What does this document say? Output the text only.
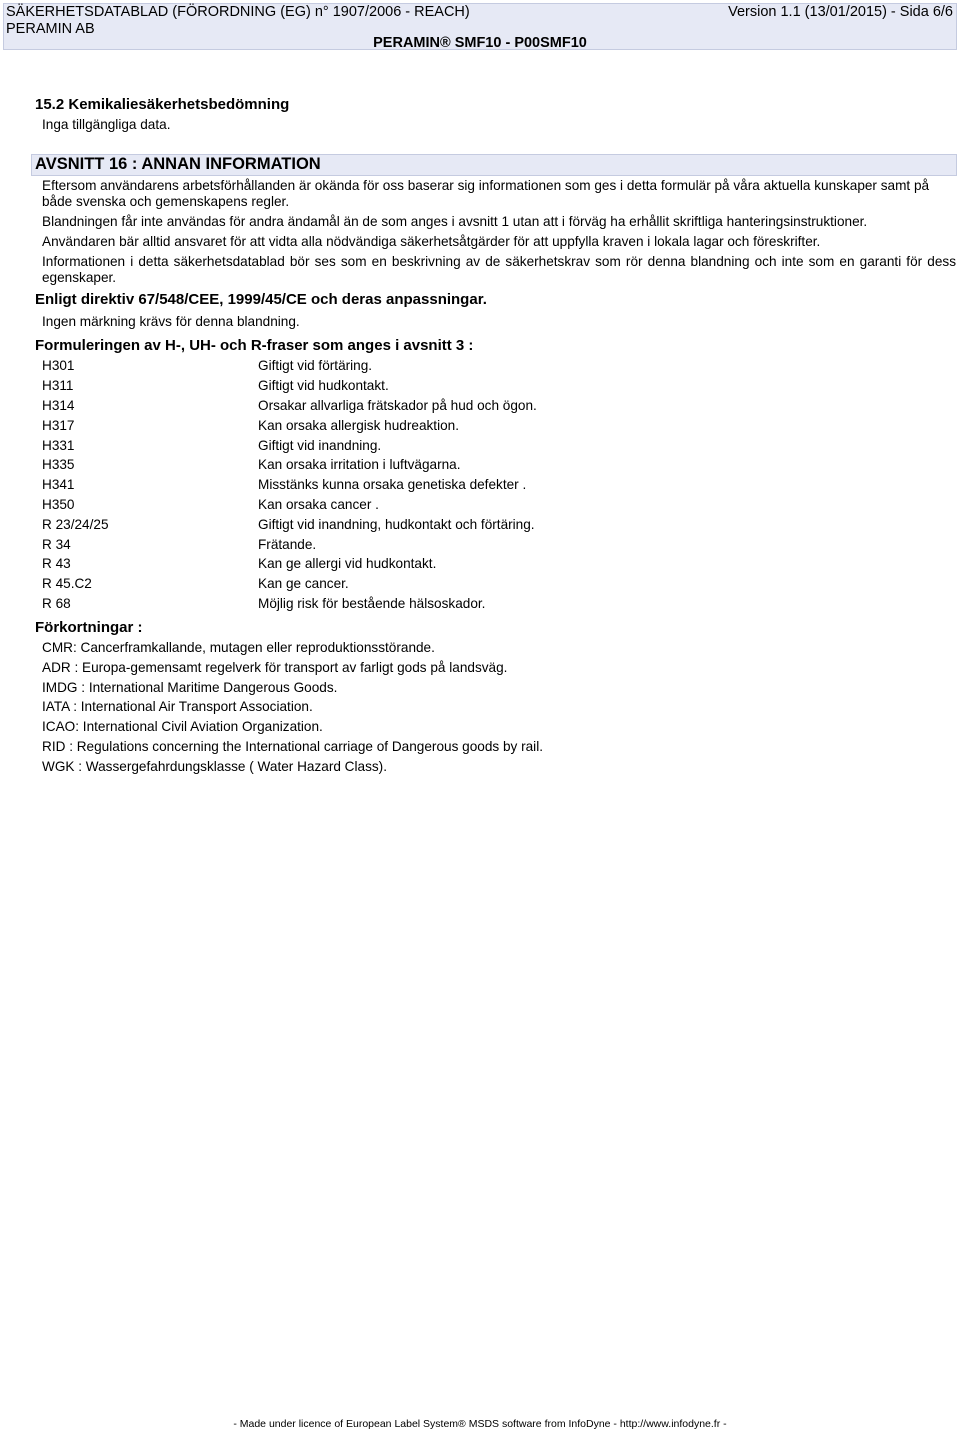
SÄKERHETSDATABLAD (FÖRORDNING (EG) n° 1907/2006 - REACH)
PERAMIN AB
Version 1.1 (13/01/2015) - Sida 6/6
PERAMIN® SMF10 - P00SMF10
15.2 Kemikaliesäkerhetsbedömning
Inga tillgängliga data.
AVSNITT 16 : ANNAN INFORMATION
Eftersom användarens arbetsförhållanden är okända för oss baserar sig informationen som ges i detta formulär på våra aktuella kunskaper samt på både svenska och gemenskapens regler.
Blandningen får inte användas för andra ändamål än de som anges i avsnitt 1 utan att i förväg ha erhållit skriftliga hanteringsinstruktioner.
Användaren bär alltid ansvaret för att vidta alla nödvändiga säkerhetsåtgärder för att uppfylla kraven i lokala lagar och föreskrifter.
Informationen i detta säkerhetsdatablad bör ses som en beskrivning av de säkerhetskrav som rör denna blandning och inte som en garanti för dess egenskaper.
Enligt direktiv 67/548/CEE, 1999/45/CE och deras anpassningar.
Ingen märkning krävs för denna blandning.
Formuleringen av H-, UH- och R-fraser som anges i avsnitt 3 :
H301	Giftigt vid förtäring.
H311	Giftigt vid hudkontakt.
H314	Orsakar allvarliga frätskador på hud och ögon.
H317	Kan orsaka allergisk hudreaktion.
H331	Giftigt vid inandning.
H335	Kan orsaka irritation i luftvägarna.
H341	Misstänks kunna orsaka genetiska defekter .
H350	Kan orsaka cancer .
R 23/24/25	Giftigt vid inandning, hudkontakt och förtäring.
R 34	Frätande.
R 43	Kan ge allergi vid hudkontakt.
R 45.C2	Kan ge cancer.
R 68	Möjlig risk för bestående hälsoskador.
Förkortningar :
CMR: Cancerframkallande, mutagen eller reproduktionsstörande.
ADR : Europa-gemensamt regelverk för transport av farligt gods på landsväg.
IMDG : International Maritime Dangerous Goods.
IATA : International Air Transport Association.
ICAO: International Civil Aviation Organization.
RID : Regulations concerning the International carriage of Dangerous goods by rail.
WGK : Wassergefahrdungsklasse ( Water Hazard Class).
- Made under licence of European Label System® MSDS software from InfoDyne - http://www.infodyne.fr -
